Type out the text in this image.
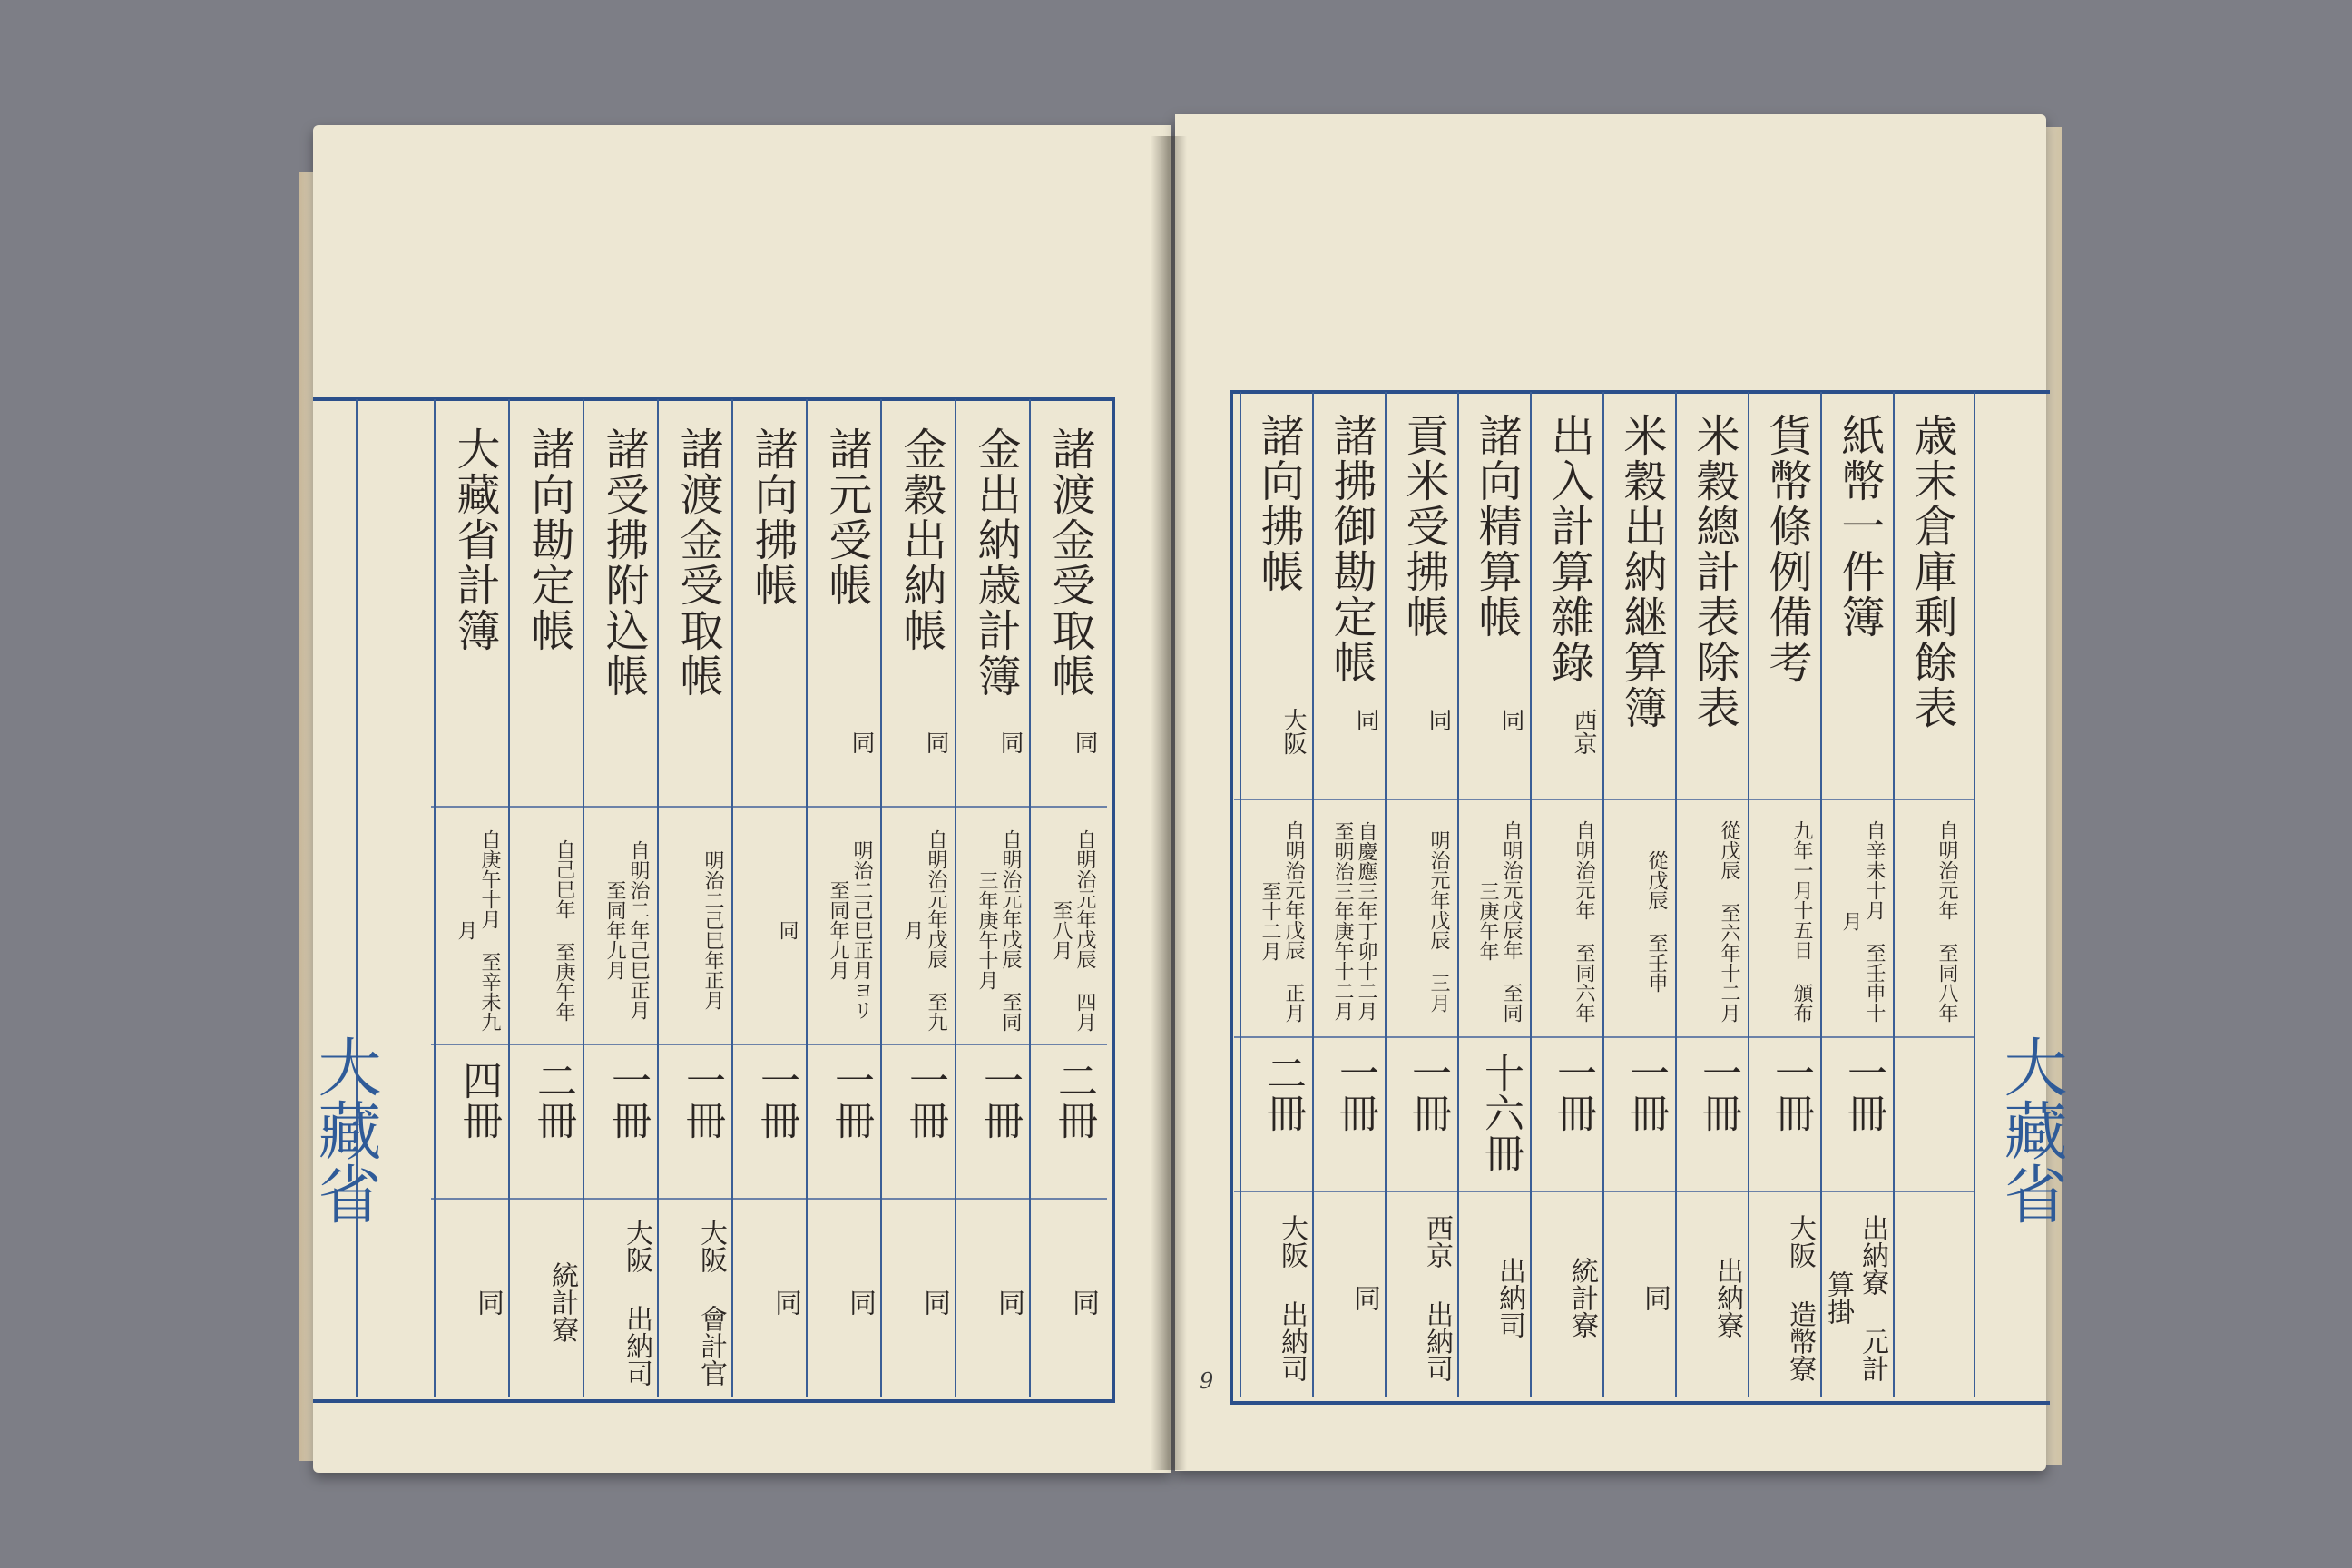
大藏省	大藏省
9
歳末倉庫剰餘表
自明治元年 至同八年
紙幣一件簿
自辛未十月 至壬申十月
一冊
出納寮 元計算掛
貨幣條例備考
九年一月十五日 頒布
一冊
大阪 造幣寮
米穀總計表除表
從戊辰 至六年十二月
一冊
出納寮
米穀出納継算簿
從戊辰 至壬申
一冊
同
出入計算雜錄
西京
自明治元年 至同六年
一冊
統計寮
諸向精算帳
同
自明治元戊辰年 至同三庚午年
十六冊
出納司
貢米受拂帳
同
明治元年戊辰 三月
一冊
西京 出納司
諸拂御勘定帳
同
自慶應三年丁卯十二月 至明治三年庚午十二月
一冊
同
諸向拂帳
大阪
自明治元年戊辰 正月至十二月
二冊
大阪 出納司
諸渡金受取帳
同
自明治元年戊辰 四月至八月
二冊
同
金出納歳計簿
同
自明治元年戊辰 至同三年庚午十月
一冊
同
金穀出納帳
同
自明治元年戊辰 至九月
一冊
同
諸元受帳
同
明治二己巳正月ヨリ 至同年九月
一冊
同
諸向拂帳
同
一冊
同
諸渡金受取帳
明治二己巳年正月
一冊
大阪 會計官
諸受拂附込帳
自明治二年己巳正月 至同年九月
一冊
大阪 出納司
諸向勘定帳
自己巳年 至庚午年
二冊
統計寮
大藏省計簿
自庚午十月 至辛未九月
四冊
同
